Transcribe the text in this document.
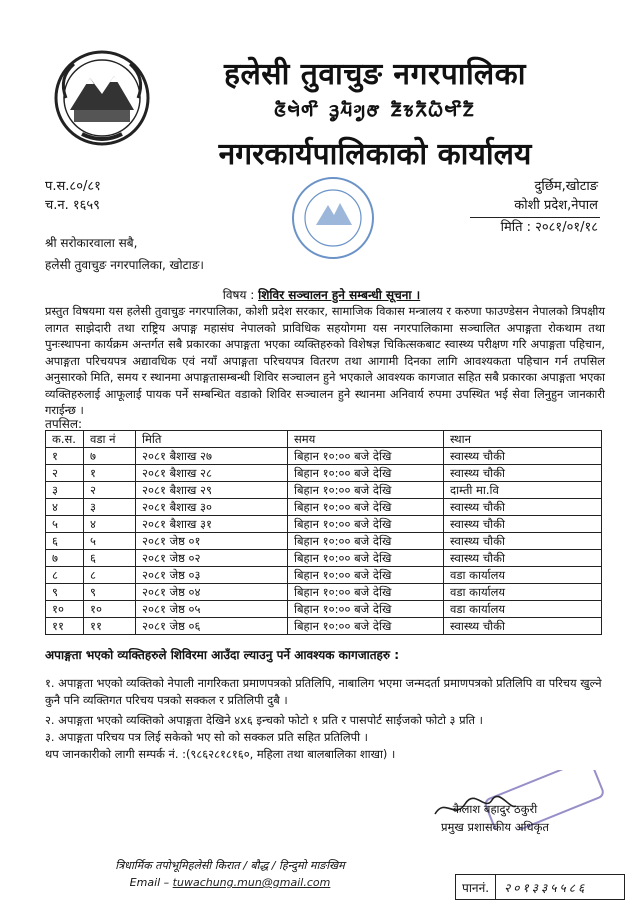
हलेसी तुवाचुङ नगरपालिका
ᤜᤠᤗᤧᤛᤡ ᤋᤢᤘᤠᤆᤢᤅ ᤏᤠᤃᤖᤠᤐᤠᤗᤡᤁᤠ
नगरकार्यपालिकाको कार्यालय
प.स.८०/८१
च.न. १६५९
दुर्छिम,खोटाङ
कोशी प्रदेश,नेपाल
मिति : २०८१/०१/१८
श्री सरोकारवाला सबै,
हलेसी तुवाचुङ नगरपालिका, खोटाङ।
विषय : शिविर सञ्चालन हुने सम्बन्धी सूचना ।
प्रस्तुत विषयमा यस हलेसी तुवाचुङ नगरपालिका, कोशी प्रदेश सरकार, सामाजिक विकास मन्त्रालय र करुणा फाउण्डेसन नेपालको त्रिपक्षीय लागत साझेदारी तथा राष्ट्रिय अपाङ्ग महासंघ नेपालको प्राविधिक सहयोगमा यस नगरपालिकामा सञ्चालित अपाङ्गता रोकथाम तथा पुनःस्थापना कार्यक्रम अन्तर्गत सबै प्रकारका अपाङ्गता भएका व्यक्तिहरुको विशेषज्ञ चिकित्सकबाट स्वास्थ्य परीक्षण गरि अपाङ्गता पहिचान, अपाङ्गता परिचयपत्र अद्यावधिक एवं नयाँ अपाङ्गता परिचयपत्र वितरण तथा आगामी दिनका लागि आवश्यकता पहिचान गर्न तपसिल अनुसारको मिति, समय र स्थानमा अपाङ्गतासम्बन्धी शिविर सञ्चालन हुने भएकाले आवश्यक कागजात सहित सबै प्रकारका अपाङ्गता भएका व्यक्तिहरुलाई आफूलाई पायक पर्ने सम्बन्धित वडाको शिविर सञ्चालन हुने स्थानमा अनिवार्य रुपमा उपस्थित भई सेवा लिनुहुन जानकारी गराईन्छ ।
तपसिल:
क.स.	वडा नं	मिति	समय	स्थान
१	७	२०८१ बैशाख २७	बिहान १०:०० बजे देखि	स्वास्थ्य चौकी
२	१	२०८१ बैशाख २८	बिहान १०:०० बजे देखि	स्वास्थ्य चौकी
३	२	२०८१ बैशाख २९	बिहान १०:०० बजे देखि	दाम्ती मा.वि
४	३	२०८१ बैशाख ३०	बिहान १०:०० बजे देखि	स्वास्थ्य चौकी
५	४	२०८१ बैशाख ३१	बिहान १०:०० बजे देखि	स्वास्थ्य चौकी
६	५	२०८१ जेष्ठ ०१	बिहान १०:०० बजे देखि	स्वास्थ्य चौकी
७	६	२०८१ जेष्ठ ०२	बिहान १०:०० बजे देखि	स्वास्थ्य चौकी
८	८	२०८१ जेष्ठ ०३	बिहान १०:०० बजे देखि	वडा कार्यालय
९	९	२०८१ जेष्ठ ०४	बिहान १०:०० बजे देखि	वडा कार्यालय
१०	१०	२०८१ जेष्ठ ०५	बिहान १०:०० बजे देखि	वडा कार्यालय
११	११	२०८१ जेष्ठ ०६	बिहान १०:०० बजे देखि	स्वास्थ्य चौकी
अपाङ्गता भएको व्यक्तिहरुले शिविरमा आउँदा ल्याउनु पर्ने आवश्यक कागजातहरु :
१. अपाङ्गता भएको व्यक्तिको नेपाली नागरिकता प्रमाणपत्रको प्रतिलिपि, नाबालिग भएमा जन्मदर्ता प्रमाणपत्रको प्रतिलिपि वा परिचय खुल्ने कुनै पनि व्यक्तिगत परिचय पत्रको सक्कल र प्रतिलिपी दुबै ।
२. अपाङ्गता भएको व्यक्तिको अपाङ्गता देखिने ४x६ इन्चको फोटो १ प्रति र पासपोर्ट साईजको फोटो ३ प्रति ।
३. अपाङ्गता परिचय पत्र लिई सकेको भए सो को सक्कल प्रति सहित प्रतिलिपी ।
थप जानकारीको लागी सम्पर्क नं. :(९८६२८१८१६०, महिला तथा बालबालिका शाखा) ।
कैलाश बहादुर ठकुरी
प्रमुख प्रशासकीय अधिकृत
त्रिधार्मिक तपोभूमिहलेसी किरात / बौद्ध / हिन्दुमो माङखिम
Email – tuwachung.mun@gmail.com	पाननं.	२०१३३५५८६
